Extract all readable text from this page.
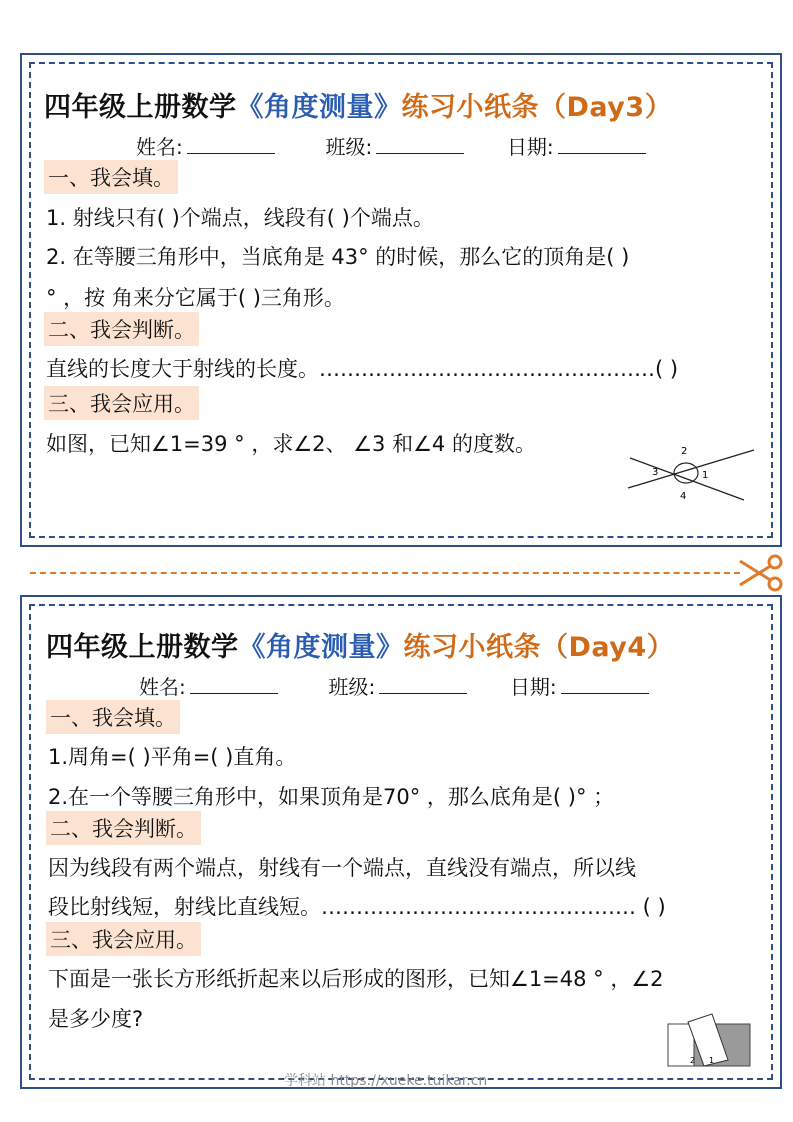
四年级上册数学《角度测量》练习小纸条（Day3）
姓名:	班级:	日期:
一、我会填。
1. 射线只有( )个端点，线段有( )个端点。
2. 在等腰三角形中，当底角是 43° 的时候，那么它的顶角是( )
° ，按 角来分它属于( )三角形。
二、我会判断。
直线的长度大于射线的长度。…………………………………………( )
三、我会应用。
如图，已知∠1=39 ° ，求∠2、 ∠3 和∠4 的度数。	2
3	1
4
四年级上册数学《角度测量》练习小纸条（Day4）
姓名:	班级:	日期:
一、我会填。
1.周角=( )平角=( )直角。
2.在一个等腰三角形中，如果顶角是70° ，那么底角是( )° ；
二、我会判断。
因为线段有两个端点，射线有一个端点，直线没有端点，所以线
段比射线短，射线比直线短。……………………………………… ( )
三、我会应用。
下面是一张长方形纸折起来以后形成的图形，已知∠1=48 ° ，∠2
是多少度?
2 1
学科站 https://xueke.tuikar.cn
